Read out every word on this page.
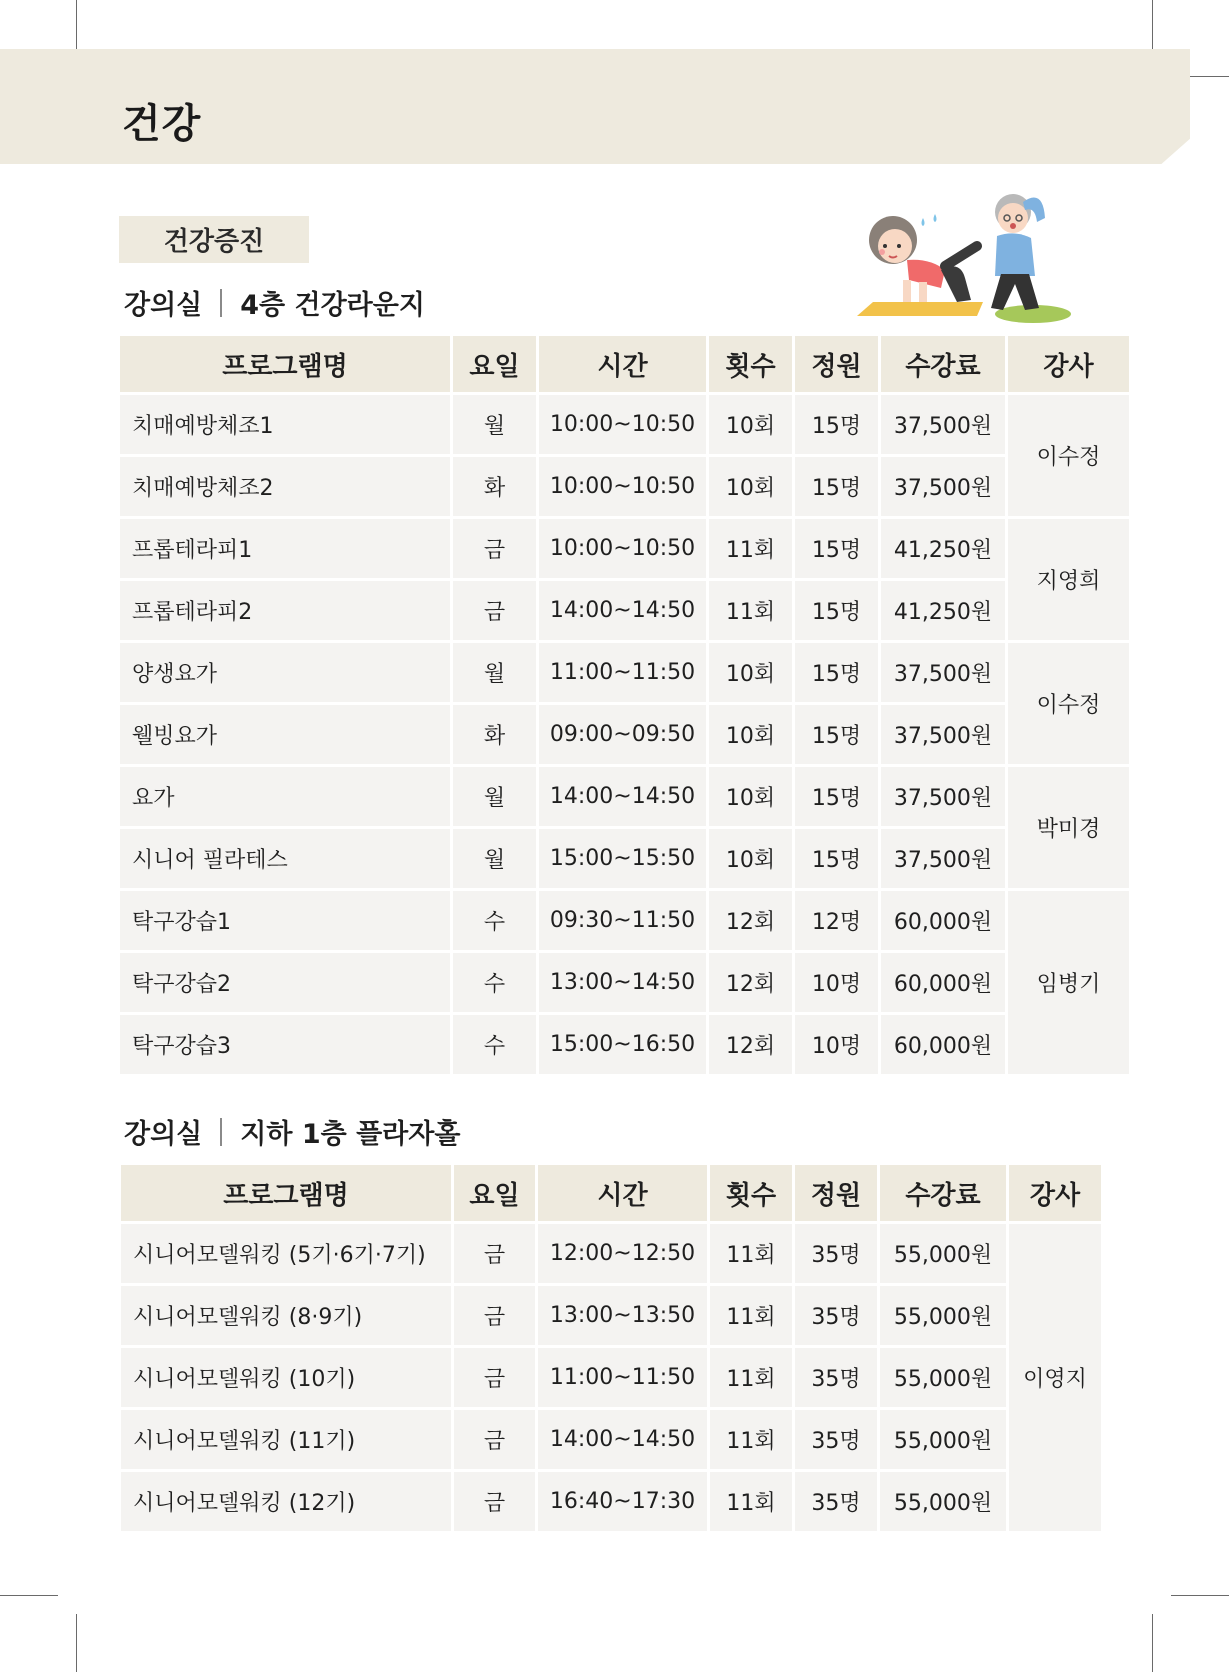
건강
건강증진
강의실 4층 건강라운지
프로그램명	요일	시간	횟수	정원	수강료	강사
치매예방체조1	월	10:00~10:50	10회	15명	37,500원	이수정
치매예방체조2	화	10:00~10:50	10회	15명	37,500원	
프롭테라피1	금	10:00~10:50	11회	15명	41,250원	지영희
프롭테라피2	금	14:00~14:50	11회	15명	41,250원	
양생요가	월	11:00~11:50	10회	15명	37,500원	이수정
웰빙요가	화	09:00~09:50	10회	15명	37,500원	
요가	월	14:00~14:50	10회	15명	37,500원	박미경
시니어 필라테스	월	15:00~15:50	10회	15명	37,500원	
탁구강습1	수	09:30~11:50	12회	12명	60,000원	임병기
탁구강습2	수	13:00~14:50	12회	10명	60,000원	
탁구강습3	수	15:00~16:50	12회	10명	60,000원	
강의실 지하 1층 플라자홀
프로그램명	요일	시간	횟수	정원	수강료	강사
시니어모델워킹 (5기·6기·7기)	금	12:00~12:50	11회	35명	55,000원	이영지
시니어모델워킹 (8·9기)	금	13:00~13:50	11회	35명	55,000원	
시니어모델워킹 (10기)	금	11:00~11:50	11회	35명	55,000원	
시니어모델워킹 (11기)	금	14:00~14:50	11회	35명	55,000원	
시니어모델워킹 (12기)	금	16:40~17:30	11회	35명	55,000원	
